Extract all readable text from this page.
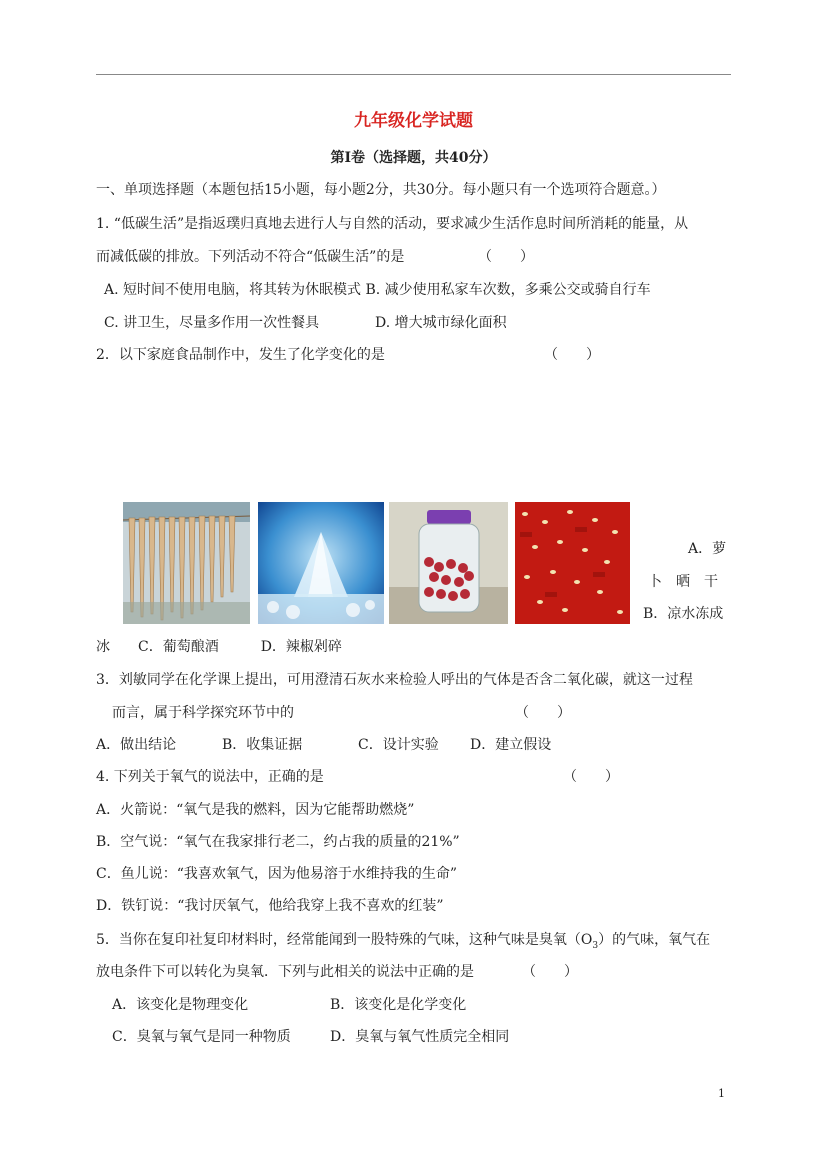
九年级化学试题
第Ⅰ卷（选择题，共40分）
一、单项选择题（本题包括15小题，每小题2分，共30分。每小题只有一个选项符合题意。）
1. “低碳生活”是指返璞归真地去进行人与自然的活动，要求减少生活作息时间所消耗的能量，从
而减低碳的排放。下列活动不符合“低碳生活”的是	（　　）
A. 短时间不使用电脑，将其转为休眠模式 B. 减少使用私家车次数，多乘公交或骑自行车
C. 讲卫生，尽量多作用一次性餐具	D. 增大城市绿化面积
2．以下家庭食品制作中，发生了化学变化的是	（　　）
A．萝
卜　晒　干
B．凉水冻成
冰　　C．葡萄酿酒　　　D．辣椒剁碎
3．刘敏同学在化学课上提出，可用澄清石灰水来检验人呼出的气体是否含二氧化碳，就这一过程
而言，属于科学探究环节中的	（　　）
A．做出结论	B．收集证据	C．设计实验 D．建立假设
4. 下列关于氧气的说法中，正确的是	（　　）
A．火箭说：“氧气是我的燃料，因为它能帮助燃烧”
B．空气说：“氧气在我家排行老二，约占我的质量的21%”
C．鱼儿说：“我喜欢氧气，因为他易溶于水维持我的生命”
D．铁钉说：“我讨厌氧气，他给我穿上我不喜欢的红装”
5．当你在复印社复印材料时，经常能闻到一股特殊的气味，这种气味是臭氧$(O_3)$的气味，氧气在
放电条件下可以转化为臭氧．下列与此相关的说法中正确的是	（　　）
A．该变化是物理变化	B．该变化是化学变化
C．臭氧与氧气是同一种物质	D．臭氧与氧气性质完全相同
1
